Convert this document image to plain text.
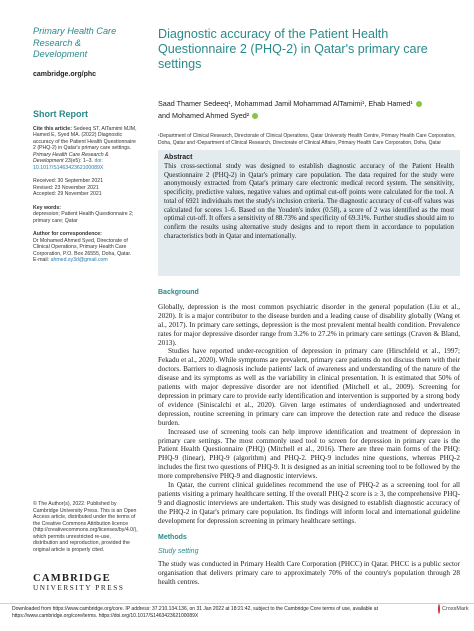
Primary Health Care
Research & Development
cambridge.org/phc
Short Report
Cite this article: Sedeeq ST, AlTamimi MJM, Hamed E, Syed MA. (2022) Diagnostic accuracy of the Patient Health Questionnaire 2 (PHQ-2) in Qatar's primary care settings. Primary Health Care Research & Development 23(e5): 1–3. doi: 10.1017/S146342362100089X
Received: 30 September 2021
Revised: 23 November 2021
Accepted: 29 November 2021
Key words:
depression; Patient Health Questionnaire 2; primary care; Qatar
Author for correspondence:
Dr Mohamed Ahmed Syed, Directorate of Clinical Operations, Primary Health Care Corporation, P.O. Box 26555, Doha, Qatar. E-mail: ahmed.sy3d@gmail.com
Diagnostic accuracy of the Patient Health Questionnaire 2 (PHQ-2) in Qatar's primary care settings
Saad Thamer Sedeeq¹, Mohammad Jamil Mohammad AlTamimi¹, Ehab Hamed¹
and Mohamed Ahmed Syed²
¹Department of Clinical Research, Directorate of Clinical Operations, Qatar University Health Centre, Primary Health Care Corporation, Doha, Qatar and ²Department of Clinical Research, Directorate of Clinical Affairs, Primary Health Care Corporation, Doha, Qatar
Abstract

This cross-sectional study was designed to establish diagnostic accuracy of the Patient Health Questionnaire 2 (PHQ-2) in Qatar's primary care population. The data required for the study were anonymously extracted from Qatar's primary care electronic medical record system. The sensitivity, specificity, predictive values, negative values and optimal cut-off points were calculated for the tool. A total of 6921 individuals met the study's inclusion criteria. The diagnostic accuracy of cut-off values was calculated for scores 1–6. Based on the Youden's index (0.58), a score of 2 was identified as the most optimal cut-off. It offers a sensitivity of 88.73% and specificity of 69.31%. Further studies should aim to confirm the results using alternative study designs and to report them in accordance to population characteristics both in Qatar and internationally.

Background

Globally, depression is the most common psychiatric disorder in the general population (Liu et al., 2020). It is a major contributor to the disease burden and a leading cause of disability globally (Wang et al., 2017). In primary care settings, depression is the most prevalent mental health condition. Prevalence rates for major depressive disorder range from 3.2% to 27.2% in primary care settings (Craven & Bland, 2013).

Studies have reported under-recognition of depression in primary care (Hirschfeld et al., 1997; Fekadu et al., 2020). While symptoms are prevalent, primary care patients do not discuss them with their doctors. Barriers to diagnosis include patients' lack of awareness and understanding of the nature of the disease and its symptoms as well as the variability in clinical presentation. It is estimated that 50% of patients with major depressive disorder are not identified (Mitchell et al., 2009). Screening for depression in primary care to provide early identification and intervention is supported by a strong body of evidence (Siniscalchi et al., 2020). Given large estimates of underdiagnosed and undertreated depression, routine screening in primary care can improve the detection rate and reduce the disease burden.

Increased use of screening tools can help improve identification and treatment of depression in primary care settings. The most commonly used tool to screen for depression in primary care is the Patient Health Questionnaire (PHQ) (Mitchell et al., 2016). There are three main forms of the PHQ: PHQ-9 (linear), PHQ-9 (algorithm) and PHQ-2. PHQ-9 includes nine questions, whereas PHQ-2 includes the first two questions of PHQ-9. It is designed as an initial screening tool to be followed by the more comprehensive PHQ-9 and diagnostic interviews.

In Qatar, the current clinical guidelines recommend the use of PHQ-2 as a screening tool for all patients visiting a primary healthcare setting. If the overall PHQ-2 score is ≥ 3, the comprehensive PHQ-9 and diagnostic interviews are undertaken. This study was designed to establish diagnostic accuracy of the PHQ-2 in Qatar's primary care population. Its findings will inform local and international guideline development for depression screening in primary healthcare settings.

Methods
Study setting

The study was conducted in Primary Health Care Corporation (PHCC) in Qatar. PHCC is a public sector organisation that delivers primary care to approximately 70% of the country's population through 28 health centres.

© The Author(s), 2022. Published by Cambridge University Press. This is an Open Access article, distributed under the terms of the Creative Commons Attribution licence (http://creativecommons.org/licenses/by/4.0/), which permits unrestricted re-use, distribution and reproduction, provided the original article is properly cited.
CAMBRIDGE
UNIVERSITY PRESS
Downloaded from https://www.cambridge.org/core. IP address: 37.210.134.136, on 31 Jan 2022 at 18:21:42, subject to the Cambridge Core terms of use, available at
https://www.cambridge.org/core/terms. https://doi.org/10.1017/S146342362100089X
CrossMark
